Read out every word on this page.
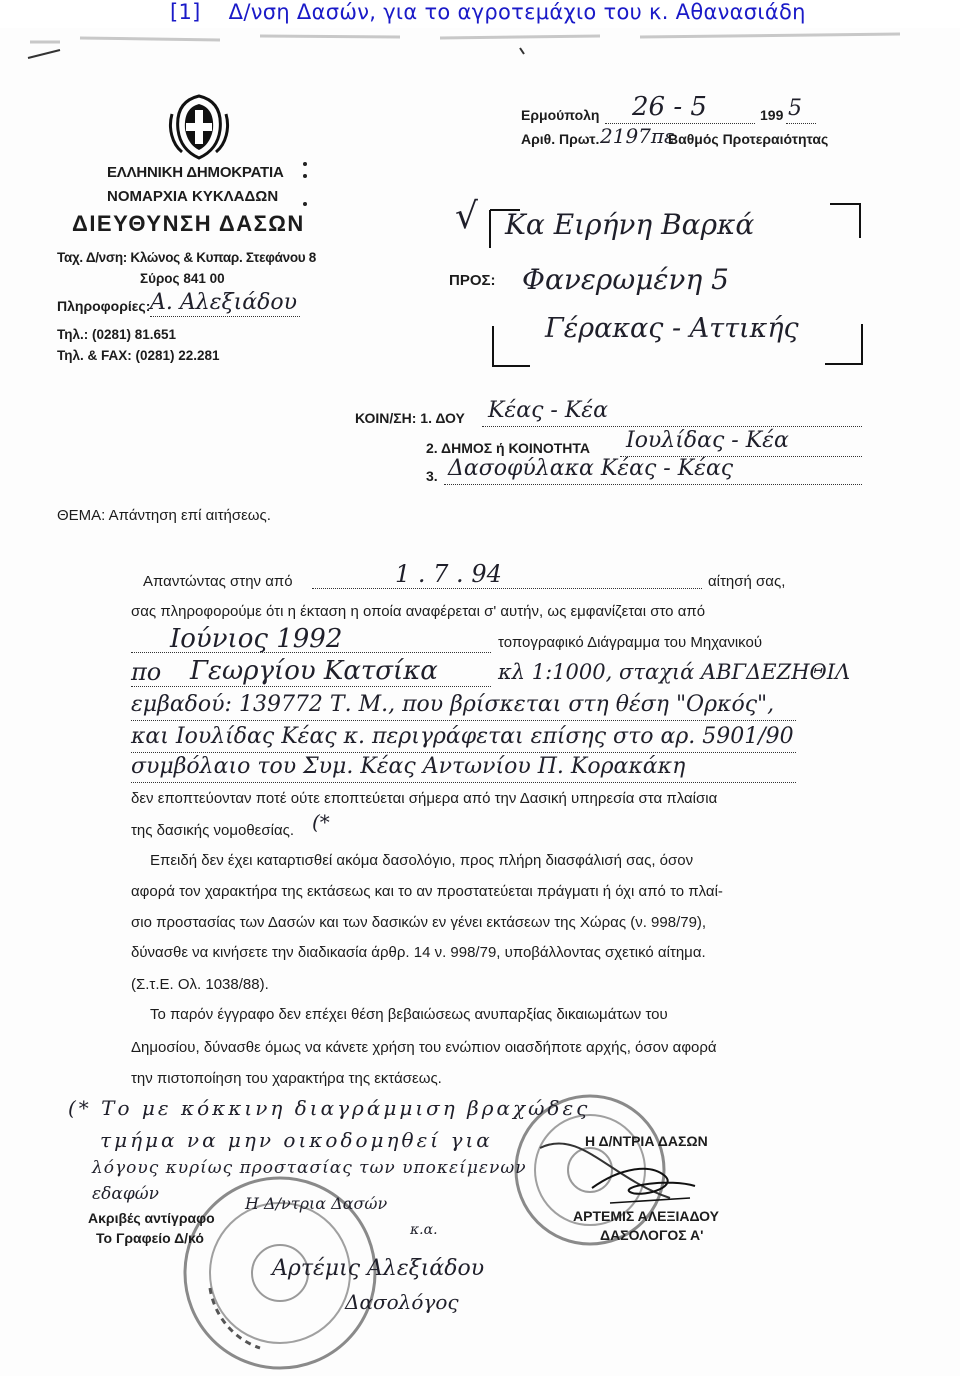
[1] Δ/νση Δασών, για το αγροτεμάχιο του κ. Αθανασιάδη
ΕΛΛΗΝΙΚΗ ΔΗΜΟΚΡΑΤΙΑ
ΝΟΜΑΡΧΙΑ ΚΥΚΛΑΔΩΝ
ΔΙΕΥΘΥΝΣΗ ΔΑΣΩΝ
Ταχ. Δ/νση: Κλώνος & Κυπαρ. Στεφάνου 8
Σύρος 841 00
Πληροφορίες: Α. Αλεξιάδου
Τηλ.: (0281) 81.651
Τηλ. & FAX: (0281) 22.281
Ερμούπολη 26 - 5	199 5
Αριθ. Πρωτ. 2197πε
Βαθμός Προτεραιότητας
√ Κα Ειρήνη Βαρκά
ΠΡΟΣ: Φανερωμένη 5
Γέρακας - Αττικής
ΚΟΙΝ/ΣΗ: 1. ΔΟΥ Κέας - Κέα
2. ΔΗΜΟΣ ή ΚΟΙΝΟΤΗΤΑ Ιουλίδας - Κέα
3. Δασοφύλακα Κέας - Κέας
ΘΕΜΑ: Απάντηση επί αιτήσεως.
Απαντώντας στην από	1 . 7 . 94	αίτησή σας,
σας πληροφορούμε ότι η έκταση η οποία αναφέρεται σ' αυτήν, ως εμφανίζεται στο από
Ιούνιος 1992	τοπογραφικό Διάγραμμα του Μηχανικού
πο Γεωργίου Κατσίκα	κλ 1:1000, σταχιά ΑΒΓΔΕΖΗΘΙΛ
εμβαδού: 139772 Τ. Μ., που βρίσκεται στη θέση "Ορκός",
και Ιουλίδας Κέας κ. περιγράφεται επίσης στο αρ. 5901/90
συμβόλαιο του Συμ. Κέας Αντωνίου Π. Κορακάκη
δεν εποπτεύονταν ποτέ ούτε εποπτεύεται σήμερα από την Δασική υπηρεσία στα πλαίσια
της δασικής νομοθεσίας. (*
Επειδή δεν έχει καταρτισθεί ακόμα δασολόγιο, προς πλήρη διασφάλισή σας, όσον
αφορά τον χαρακτήρα της εκτάσεως και το αν προστατεύεται πράγματι ή όχι από το πλαί-
σιο προστασίας των Δασών και των δασικών εν γένει εκτάσεων της Χώρας (ν. 998/79),
δύνασθε να κινήσετε την διαδικασία άρθρ. 14 ν. 998/79, υποβάλλοντας σχετικό αίτημα.
(Σ.τ.Ε. Ολ. 1038/88).
Το παρόν έγγραφο δεν επέχει θέση βεβαιώσεως ανυπαρξίας δικαιωμάτων του
Δημοσίου, δύνασθε όμως να κάνετε χρήση του ενώπιον οιασδήποτε αρχής, όσον αφορά
την πιστοποίηση του χαρακτήρα της εκτάσεως.
(* Το με κόκκινη διαγράμμιση βραχώδες
τμήμα να μην οικοδομηθεί για
λόγους κυρίως προστασίας των υποκείμενων
εδαφών
Η Δ/ΝΤΡΙΑ ΔΑΣΩΝ
ΑΡΤΕΜΙΣ ΑΛΕΞΙΑΔΟΥ
ΔΑΣΟΛΟΓΟΣ Α'
Ακριβές αντίγραφο
Το Γραφείο Δ/κό
Η Δ/ντρια Δασών
κ.α.
Αρτέμις Αλεξιάδου
Δασολόγος
